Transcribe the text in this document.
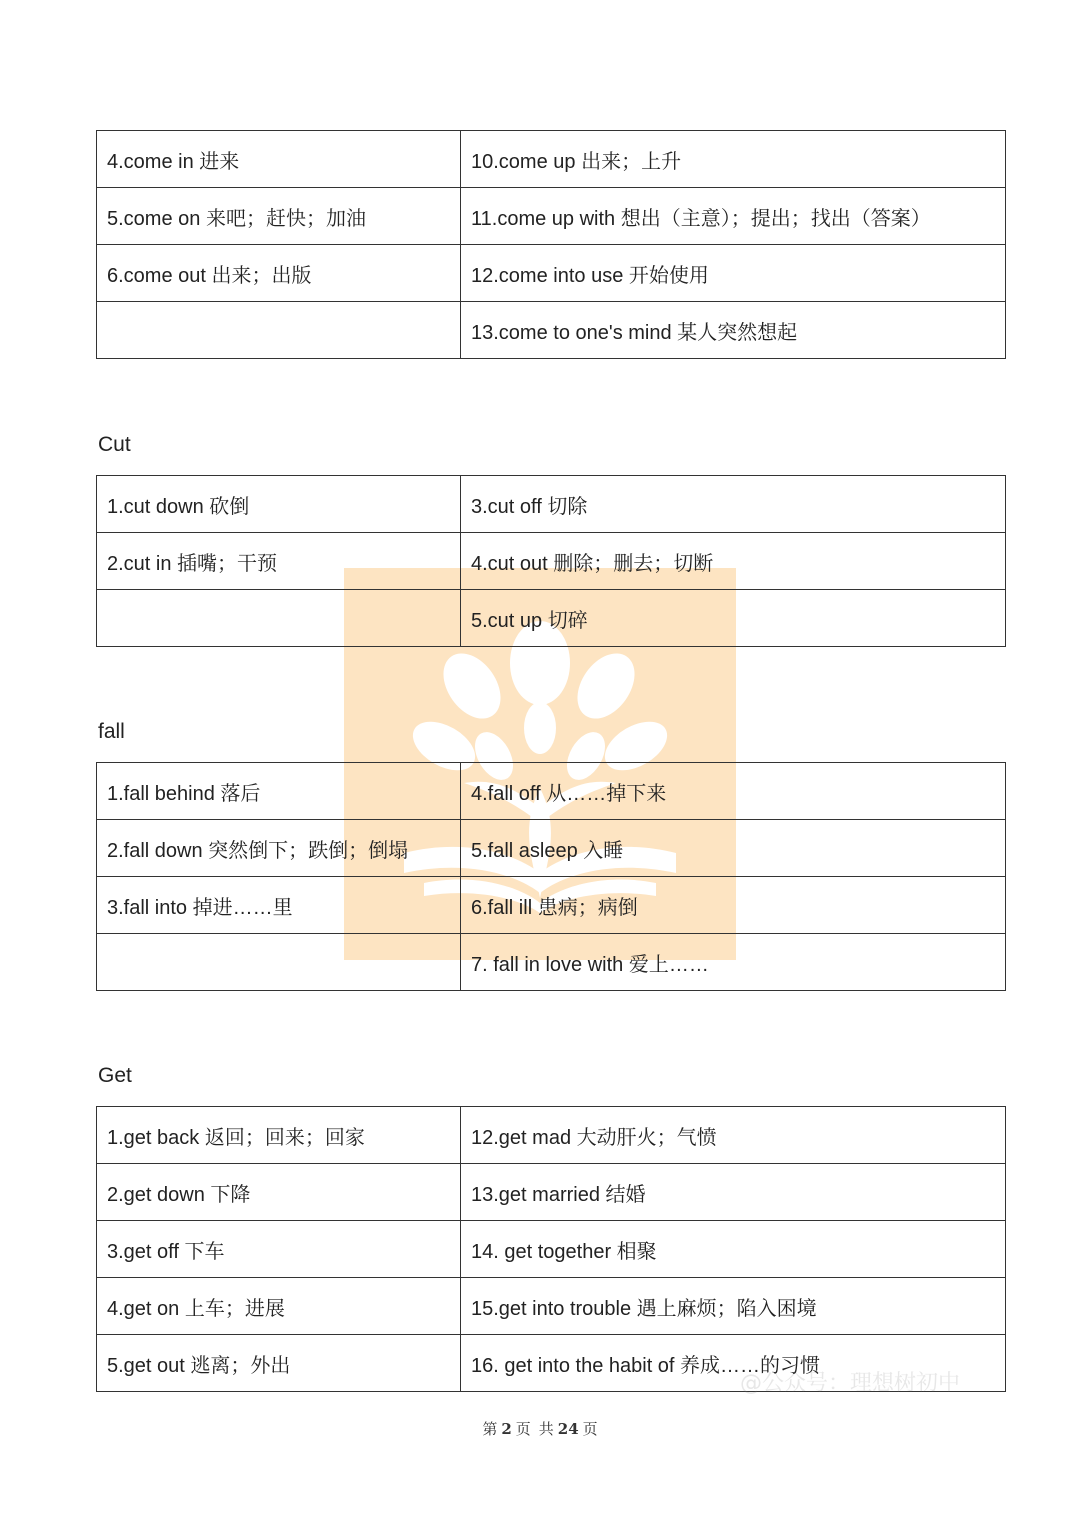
4.come in 进来	10.come up 出来；上升
5.come on 来吧；赶快；加油	11.come up with 想出（主意）；提出；找出（答案）
6.come out 出来；出版	12.come into use 开始使用
	13.come to one's mind 某人突然想起
Cut
1.cut down 砍倒	3.cut off 切除
2.cut in 插嘴；干预	4.cut out 删除；删去；切断
	5.cut up 切碎
fall
1.fall behind 落后	4.fall off 从……掉下来
2.fall down 突然倒下；跌倒；倒塌	5.fall asleep 入睡
3.fall into 掉进……里	6.fall ill 患病；病倒
	7. fall in love with 爱上……
Get
1.get back 返回；回来；回家	12.get mad 大动肝火；气愤
2.get down 下降	13.get married 结婚
3.get off 下车	14. get together 相聚
4.get on 上车；进展	15.get into trouble 遇上麻烦；陷入困境
5.get out 逃离；外出	16. get into the habit of 养成……的习惯
@公众号：理想树初中
第 2 页 共 24 页
